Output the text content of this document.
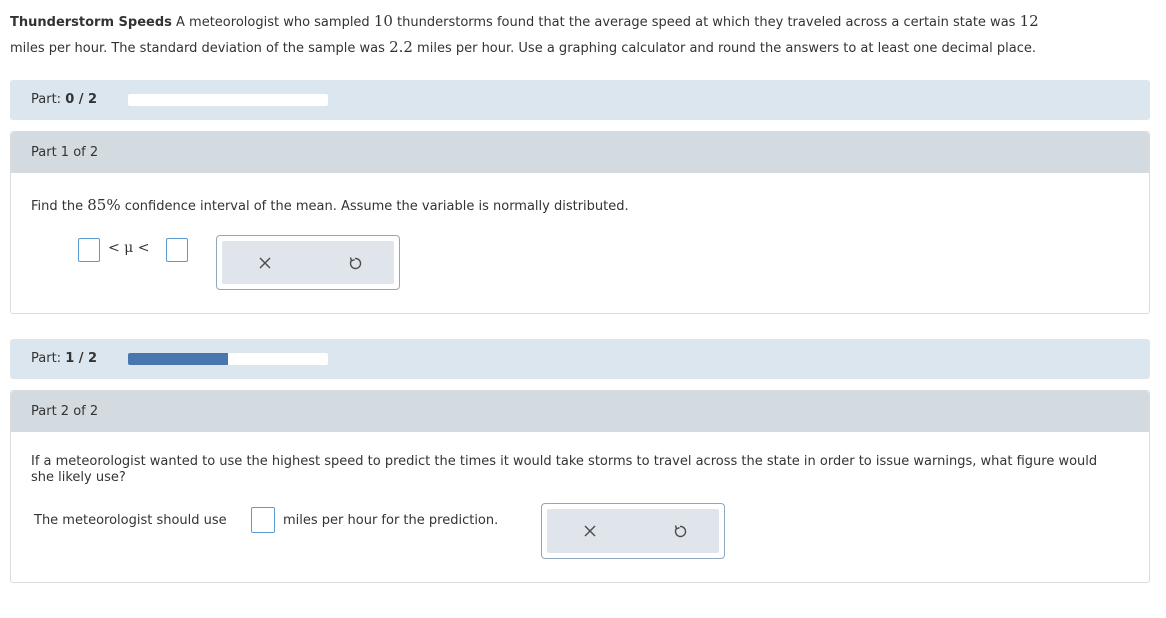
Thunderstorm Speeds A meteorologist who sampled 10 thunderstorms found that the average speed at which they traveled across a certain state was 12
miles per hour. The standard deviation of the sample was 2.2 miles per hour. Use a graphing calculator and round the answers to at least one decimal place.
Part: 0 / 2
Part 1 of 2
Find the 85% confidence interval of the mean. Assume the variable is normally distributed.
< μ <
Part: 1 / 2
Part 2 of 2
If a meteorologist wanted to use the highest speed to predict the times it would take storms to travel across the state in order to issue warnings, what figure would she likely use?
The meteorologist should use	miles per hour for the prediction.
